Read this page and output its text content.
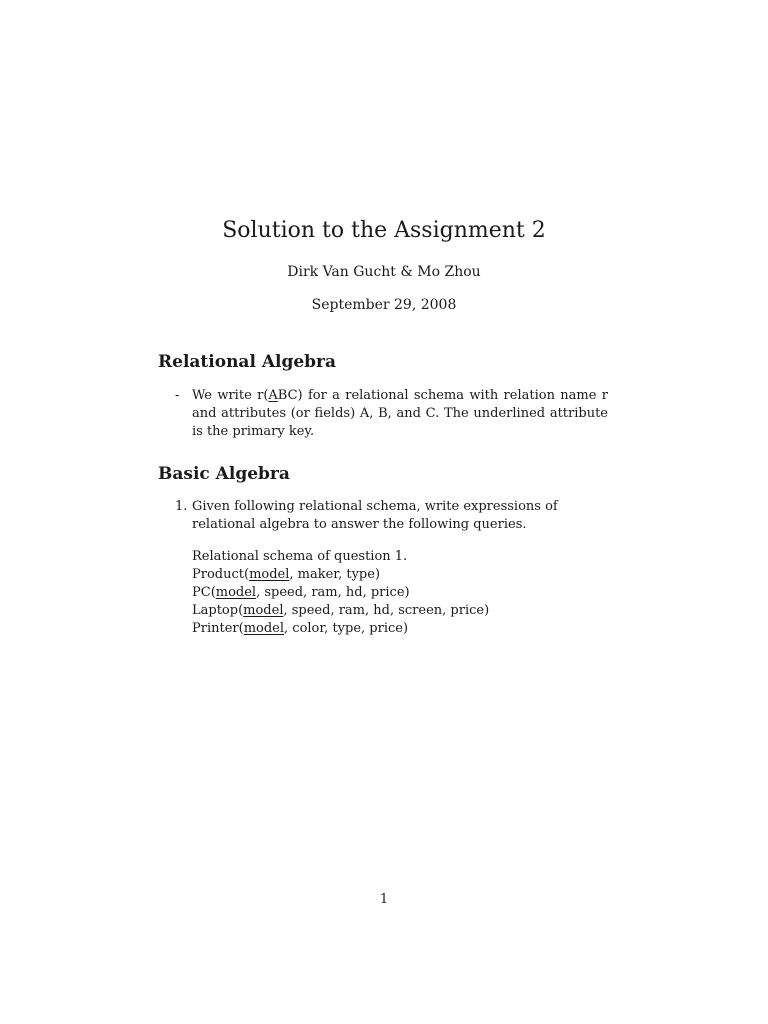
Solution to the Assignment 2
Dirk Van Gucht & Mo Zhou
September 29, 2008
Relational Algebra
- We write r(ABC) for a relational schema with relation name r and attributes (or fields) A, B, and C. The underlined attribute is the primary key.
Basic Algebra
1. Given following relational schema, write expressions of relational algebra to answer the following queries.
Relational schema of question 1.
Product(model, maker, type)
PC(model, speed, ram, hd, price)
Laptop(model, speed, ram, hd, screen, price)
Printer(model, color, type, price)
1
